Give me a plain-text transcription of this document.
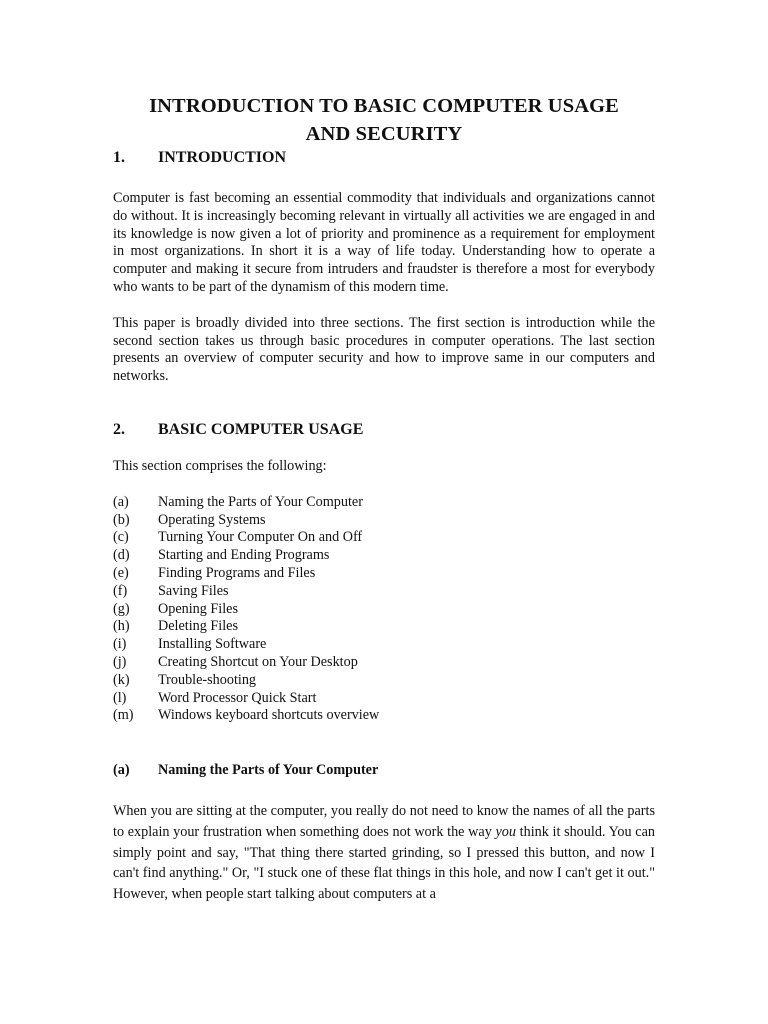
INTRODUCTION TO BASIC COMPUTER USAGE
AND SECURITY
1.	INTRODUCTION

Computer is fast becoming an essential commodity that individuals and organizations cannot do without. It is increasingly becoming relevant in virtually all activities we are engaged in and its knowledge is now given a lot of priority and prominence as a requirement for employment in most organizations. In short it is a way of life today. Understanding how to operate a computer and making it secure from intruders and fraudster is therefore a most for everybody who wants to be part of the dynamism of this modern time.

This paper is broadly divided into three sections. The first section is introduction while the second section takes us through basic procedures in computer operations. The last section presents an overview of computer security and how to improve same in our computers and networks.

2.	BASIC COMPUTER USAGE

This section comprises the following:

(a)	Naming the Parts of Your Computer
(b)	Operating Systems
(c)	Turning Your Computer On and Off
(d)	Starting and Ending Programs
(e)	Finding Programs and Files
(f)	Saving Files
(g)	Opening Files
(h)	Deleting Files
(i)	Installing Software
(j)	Creating Shortcut on Your Desktop
(k)	Trouble-shooting
(l)	Word Processor Quick Start
(m)	Windows keyboard shortcuts overview
(a)	Naming the Parts of Your Computer

When you are sitting at the computer, you really do not need to know the names of all the parts to explain your frustration when something does not work the way you think it should. You can simply point and say, "That thing there started grinding, so I pressed this button, and now I can't find anything." Or, "I stuck one of these flat things in this hole, and now I can't get it out." However, when people start talking about computers at a
